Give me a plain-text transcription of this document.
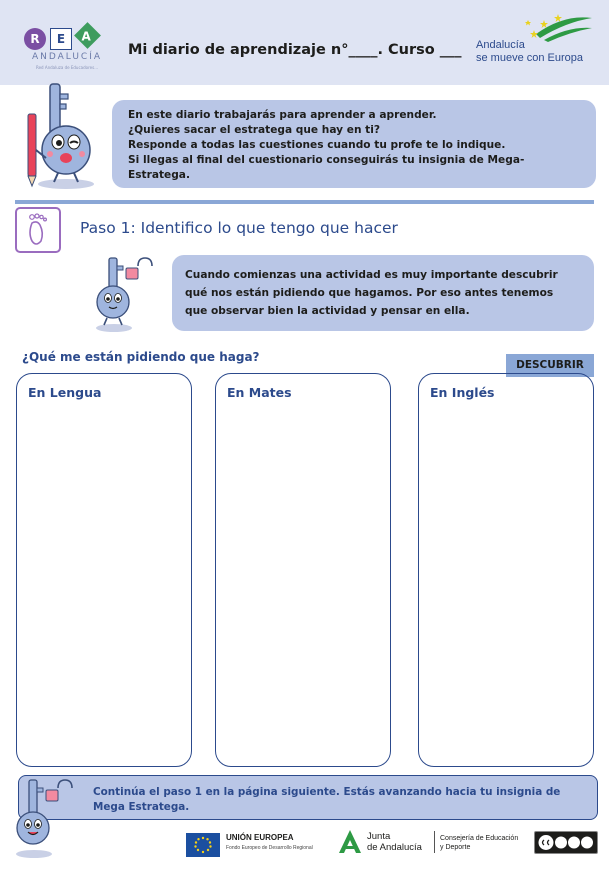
R	E	A
ANDALUCÍA
Red Andaluza de Educadores...
Mi diario de aprendizaje n°____. Curso ___ Andalucía
se mueve con Europa
En este diario trabajarás para aprender a aprender.
¿Quieres sacar el estratega que hay en ti?
Responde a todas las cuestiones cuando tu profe te lo indique.
Si llegas al final del cuestionario conseguirás tu insignia de Mega-
Estratega.
Paso 1: Identifico lo que tengo que hacer
Cuando comienzas una actividad es muy importante descubrir
qué nos están pidiendo que hagamos. Por eso antes tenemos
que observar bien la actividad y pensar en ella.
¿Qué me están pidiendo que haga?
DESCUBRIR
En Lengua	En Mates	En Inglés
Continúa el paso 1 en la página siguiente. Estás avanzando hacia tu insignia de
Mega Estratega.
UNIÓN EUROPEA
Fondo Europeo de Desarrollo Regional
Junta
de Andalucía
Consejería de Educación
y Deporte
